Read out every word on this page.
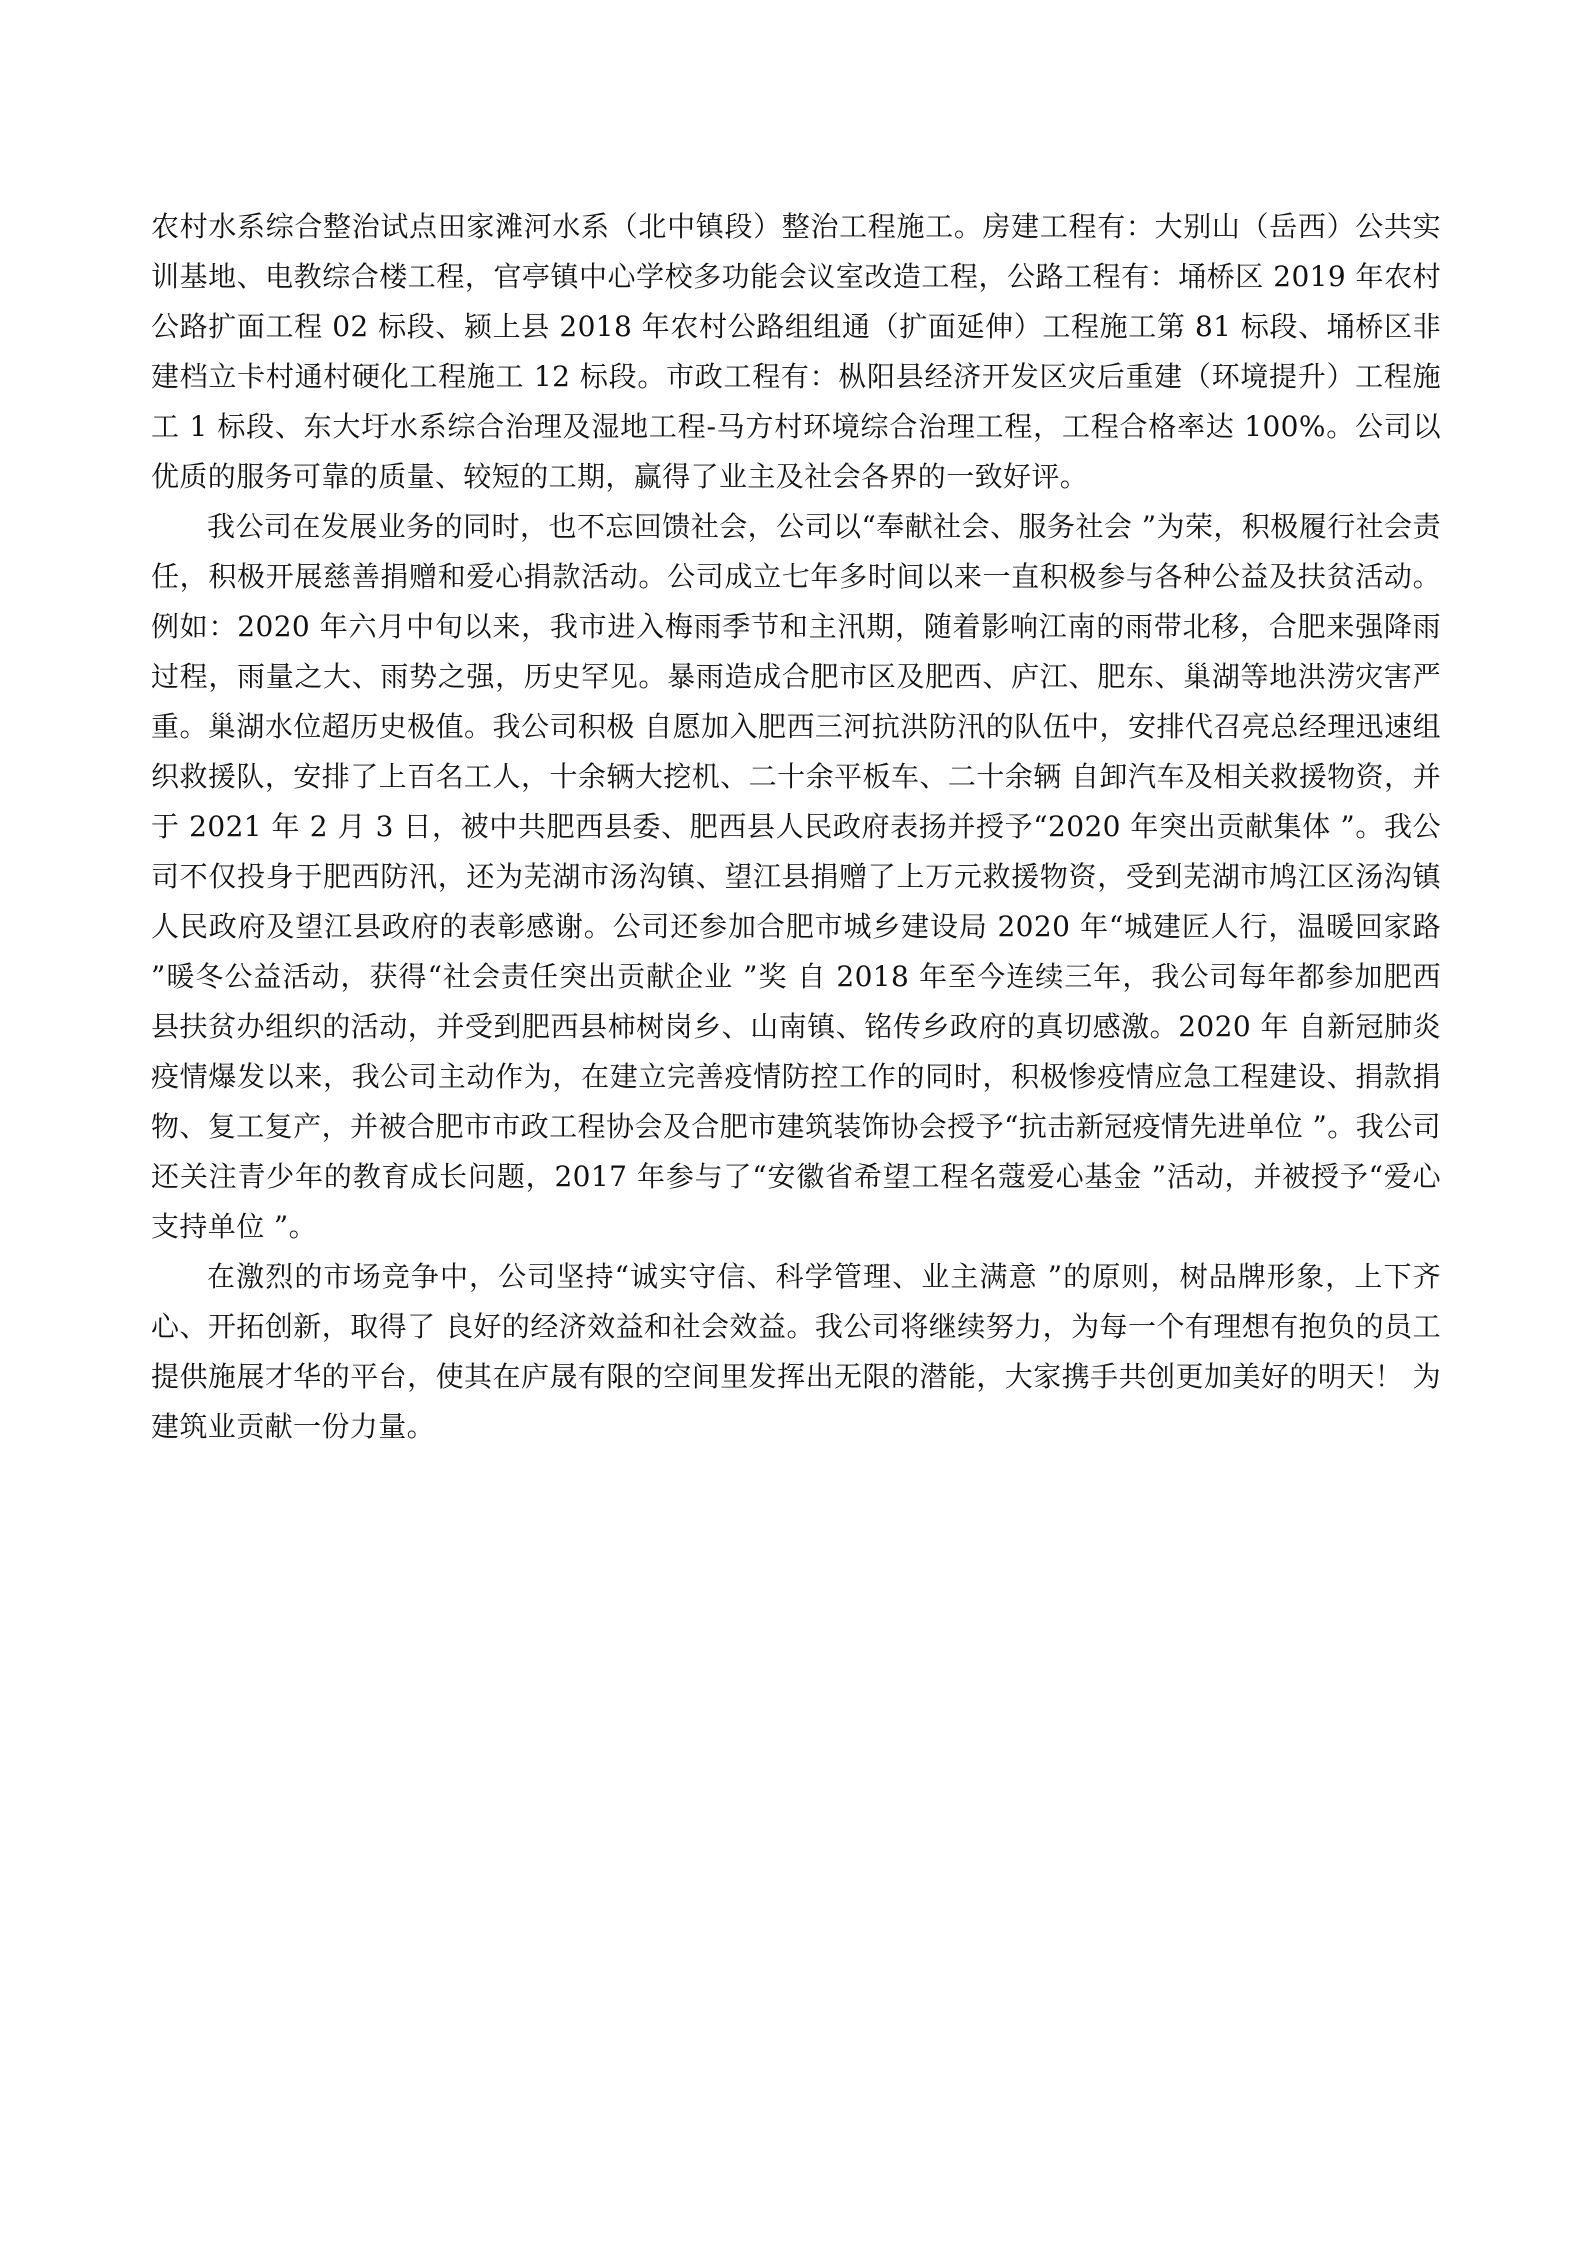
农村水系综合整治试点田家滩河水系（北中镇段）整治工程施工。房建工程有：大别山（岳西）公共实训基地、电教综合楼工程，官亭镇中心学校多功能会议室改造工程，公路工程有：埇桥区 2019 年农村公路扩面工程 02 标段、颍上县 2018 年农村公路组组通（扩面延伸）工程施工第 81 标段、埇桥区非建档立卡村通村硬化工程施工 12 标段。市政工程有：枞阳县经济开发区灾后重建（环境提升）工程施工 1 标段、东大圩水系综合治理及湿地工程-马方村环境综合治理工程，工程合格率达 100%。公司以优质的服务可靠的质量、较短的工期，赢得了业主及社会各界的一致好评。

我公司在发展业务的同时，也不忘回馈社会，公司以“奉献社会、服务社会 ”为荣，积极履行社会责任，积极开展慈善捐赠和爱心捐款活动。公司成立七年多时间以来一直积极参与各种公益及扶贫活动。例如：2020 年六月中旬以来，我市进入梅雨季节和主汛期，随着影响江南的雨带北移，合肥来强降雨过程，雨量之大、雨势之强，历史罕见。暴雨造成合肥市区及肥西、庐江、肥东、巢湖等地洪涝灾害严重。巢湖水位超历史极值。我公司积极 自愿加入肥西三河抗洪防汛的队伍中，安排代召亮总经理迅速组织救援队，安排了上百名工人，十余辆大挖机、二十余平板车、二十余辆 自卸汽车及相关救援物资，并于 2021 年 2 月 3 日，被中共肥西县委、肥西县人民政府表扬并授予“2020 年突出贡献集体 ”。我公司不仅投身于肥西防汛，还为芜湖市汤沟镇、望江县捐赠了上万元救援物资，受到芜湖市鸠江区汤沟镇人民政府及望江县政府的表彰感谢。公司还参加合肥市城乡建设局 2020 年“城建匠人行，温暖回家路 ”暖冬公益活动，获得“社会责任突出贡献企业 ”奖 自 2018 年至今连续三年，我公司每年都参加肥西县扶贫办组织的活动，并受到肥西县柿树岗乡、山南镇、铭传乡政府的真切感激。2020 年 自新冠肺炎疫情爆发以来，我公司主动作为，在建立完善疫情防控工作的同时，积极惨疫情应急工程建设、捐款捐物、复工复产，并被合肥市市政工程协会及合肥市建筑装饰协会授予“抗击新冠疫情先进单位 ”。我公司还关注青少年的教育成长问题，2017 年参与了“安徽省希望工程名蔻爱心基金 ”活动，并被授予“爱心支持单位 ”。

在激烈的市场竞争中，公司坚持“诚实守信、科学管理、业主满意 ”的原则，树品牌形象，上下齐心、开拓创新，取得了 良好的经济效益和社会效益。我公司将继续努力，为每一个有理想有抱负的员工提供施展才华的平台，使其在庐晟有限的空间里发挥出无限的潜能，大家携手共创更加美好的明天！ 为建筑业贡献一份力量。
